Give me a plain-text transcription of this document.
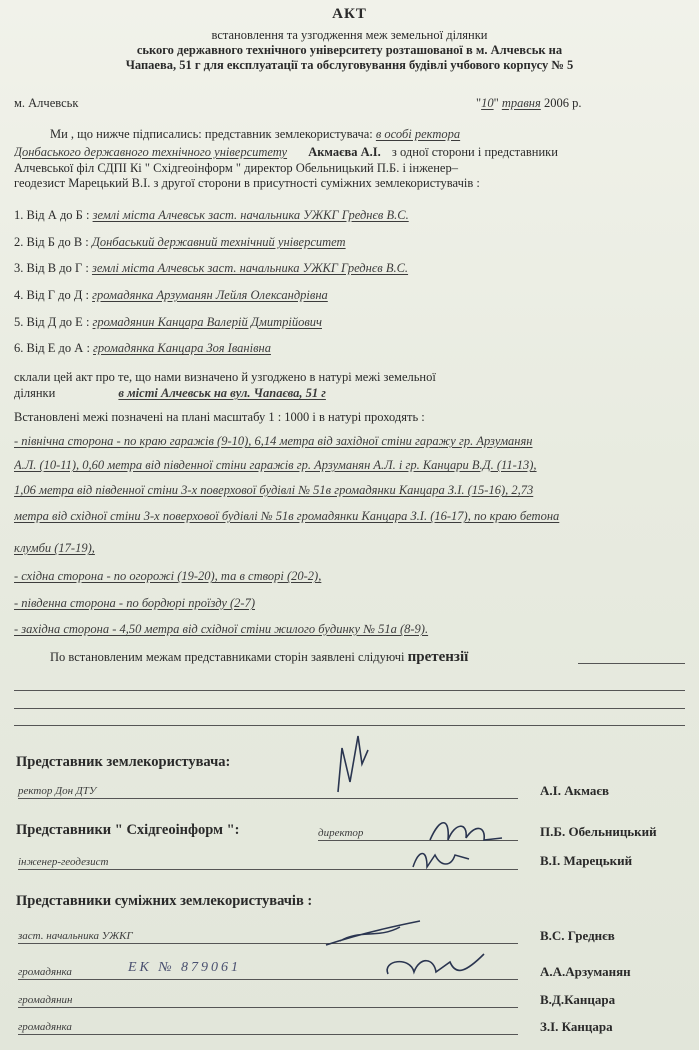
АКТ
встановлення та узгодження меж земельної ділянки
ського державного технічного університету розташованої в м. Алчевськ на
Чапаева, 51 г для експлуатації та обслуговування будівлі учбового корпусу № 5
м. Алчевськ	"10" травня 2006 р.
Ми , що нижче підписались: представник землекористувача: в особі ректора
Донбаського державного технічного університету Акмаєва А.І. з одної сторони і представники
Алчевської філ СДПІ Кі " Східгеоінформ " директор Обельницький П.Б. і інженер–
геодезист Марецький В.І. з другої сторони в присутності суміжних землекористувачів :
1. Від А до Б : землі міста Алчевськ заст. начальника УЖКГ Греднєв В.С.
2. Від Б до В : Донбаський державний технічний університет
3. Від В до Г : землі міста Алчевськ заст. начальника УЖКГ Греднєв В.С.
4. Від Г до Д : громадянка Арзуманян Лейля Олександрівна
5. Від Д до Е : громадянин Канцара Валерій Дмитрійович
6. Від Е до А : громадянка Канцара Зоя Іванівна
склали цей акт про те, що нами визначено й узгоджено в натурі межі земельної
ділянки	в місті Алчевськ на вул. Чапаєва, 51 г
Встановлені межі позначені на плані масштабу 1 : 1000 і в натурі проходять :
- північна сторона - по краю гаражів (9-10), 6,14 метра від західної стіни гаражу гр. Арзуманян
А.Л. (10-11), 0,60 метра від південної стіни гаражів гр. Арзуманян А.Л. і гр. Канцари В.Д. (11-13),
1,06 метра від південної стіни 3-х поверхової будівлі № 51в громадянки Канцара З.І. (15-16), 2,73
метра від східної стіни 3-х поверхової будівлі № 51в громадянки Канцара З.І. (16-17), по краю бетона
клумби (17-19),
- східна сторона - по огорожі (19-20), та в створі (20-2),
- південна сторона - по бордюрі проїзду (2-7)
- західна сторона - 4,50 метра від східної стіни жилого будинку № 51а (8-9).
По встановленим межам представниками сторін заявлені слідуючі претензії
Представник землекористувача:
ректор Дон ДТУ	А.І. Акмаєв
Представники " Східгеоінформ ":	директор	П.Б. Обельницький
інженер-геодезист	В.І. Марецький
Представники суміжних землекористувачів :
заст. начальника УЖКГ	В.С. Греднєв
громадянка	ЕК № 879061	А.А.Арзуманян
громадянин	В.Д.Канцара
громадянка	З.І. Канцара
